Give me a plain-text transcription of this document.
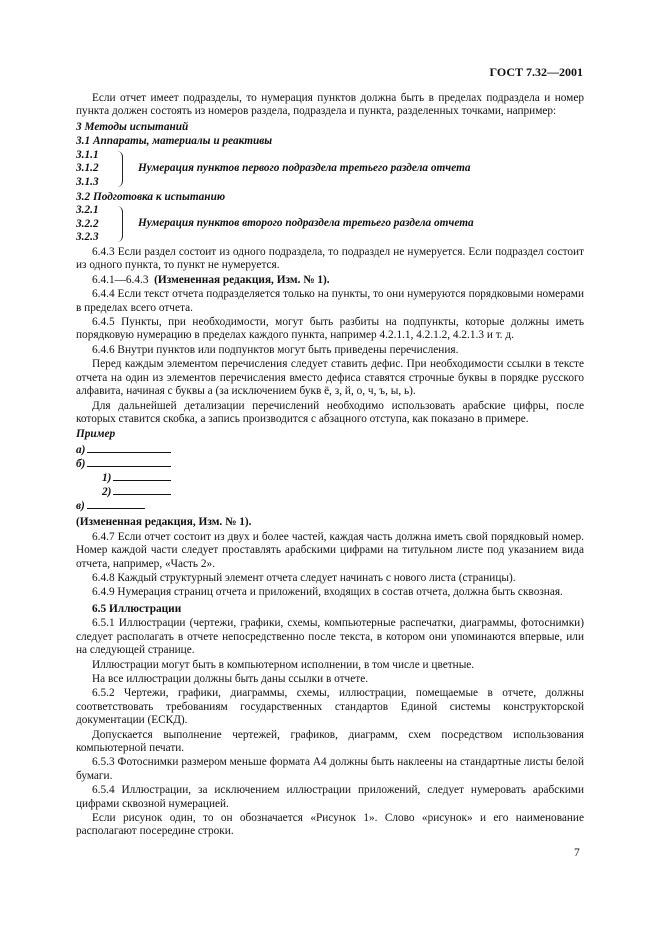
ГОСТ 7.32—2001

Если отчет имеет подразделы, то нумерация пунктов должна быть в пределах подраздела и номер пункта должен состоять из номеров раздела, подраздела и пункта, разделенных точками, например:

3 Методы испытаний
3.1 Аппараты, материалы и реактивы
3.1.1
3.1.2
3.1.3
Нумерация пунктов первого подраздела третьего раздела отчета
3.2 Подготовка к испытанию
3.2.1
3.2.2
3.2.3
Нумерация пунктов второго подраздела третьего раздела отчета

6.4.3 Если раздел состоит из одного подраздела, то подраздел не нумеруется. Если подраздел состоит из одного пункта, то пункт не нумеруется.

6.4.1—6.4.3 (Измененная редакция, Изм. № 1).

6.4.4 Если текст отчета подразделяется только на пункты, то они нумеруются порядковыми номерами в пределах всего отчета.

6.4.5 Пункты, при необходимости, могут быть разбиты на подпункты, которые должны иметь порядковую нумерацию в пределах каждого пункта, например 4.2.1.1, 4.2.1.2, 4.2.1.3 и т. д.

6.4.6 Внутри пунктов или подпунктов могут быть приведены перечисления.

Перед каждым элементом перечисления следует ставить дефис. При необходимости ссылки в тексте отчета на один из элементов перечисления вместо дефиса ставятся строчные буквы в порядке русского алфавита, начиная с буквы а (за исключением букв ё, з, й, о, ч, ъ, ы, ь).

Для дальнейшей детализации перечислений необходимо использовать арабские цифры, после которых ставится скобка, а запись производится с абзацного отступа, как показано в примере.

Пример
а)
б)
1)
2)
в)

(Измененная редакция, Изм. № 1).

6.4.7 Если отчет состоит из двух и более частей, каждая часть должна иметь свой порядковый номер. Номер каждой части следует проставлять арабскими цифрами на титульном листе под указанием вида отчета, например, «Часть 2».

6.4.8 Каждый структурный элемент отчета следует начинать с нового листа (страницы).

6.4.9 Нумерация страниц отчета и приложений, входящих в состав отчета, должна быть сквозная.

6.5 Иллюстрации

6.5.1 Иллюстрации (чертежи, графики, схемы, компьютерные распечатки, диаграммы, фотоснимки) следует располагать в отчете непосредственно после текста, в котором они упоминаются впервые, или на следующей странице.

Иллюстрации могут быть в компьютерном исполнении, в том числе и цветные.

На все иллюстрации должны быть даны ссылки в отчете.

6.5.2 Чертежи, графики, диаграммы, схемы, иллюстрации, помещаемые в отчете, должны соответствовать требованиям государственных стандартов Единой системы конструкторской документации (ЕСКД).

Допускается выполнение чертежей, графиков, диаграмм, схем посредством использования компьютерной печати.

6.5.3 Фотоснимки размером меньше формата А4 должны быть наклеены на стандартные листы белой бумаги.

6.5.4 Иллюстрации, за исключением иллюстрации приложений, следует нумеровать арабскими цифрами сквозной нумерацией.

Если рисунок один, то он обозначается «Рисунок 1». Слово «рисунок» и его наименование располагают посередине строки.

7
